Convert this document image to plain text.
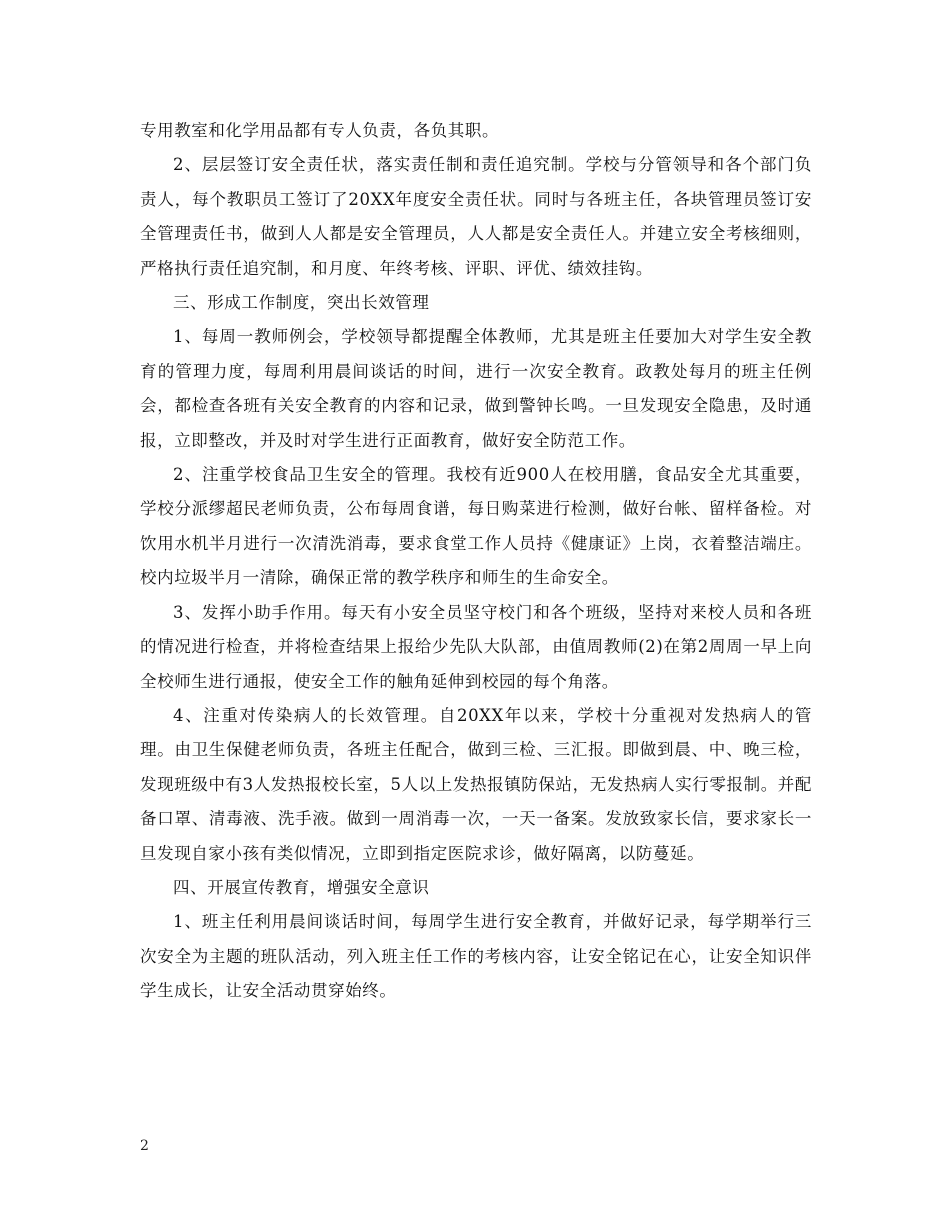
专用教室和化学用品都有专人负责，各负其职。

2、层层签订安全责任状，落实责任制和责任追究制。学校与分管领导和各个部门负责人，每个教职员工签订了20XX年度安全责任状。同时与各班主任，各块管理员签订安全管理责任书，做到人人都是安全管理员，人人都是安全责任人。并建立安全考核细则，严格执行责任追究制，和月度、年终考核、评职、评优、绩效挂钩。

三、形成工作制度，突出长效管理

1、每周一教师例会，学校领导都提醒全体教师，尤其是班主任要加大对学生安全教育的管理力度，每周利用晨间谈话的时间，进行一次安全教育。政教处每月的班主任例会，都检查各班有关安全教育的内容和记录，做到警钟长鸣。一旦发现安全隐患，及时通报，立即整改，并及时对学生进行正面教育，做好安全防范工作。

2、注重学校食品卫生安全的管理。我校有近900人在校用膳，食品安全尤其重要，学校分派缪超民老师负责，公布每周食谱，每日购菜进行检测，做好台帐、留样备检。对饮用水机半月进行一次清洗消毒，要求食堂工作人员持《健康证》上岗，衣着整洁端庄。校内垃圾半月一清除，确保正常的教学秩序和师生的生命安全。

3、发挥小助手作用。每天有小安全员坚守校门和各个班级，坚持对来校人员和各班的情况进行检查，并将检查结果上报给少先队大队部，由值周教师(2)在第2周周一早上向全校师生进行通报，使安全工作的触角延伸到校园的每个角落。

4、注重对传染病人的长效管理。自20XX年以来，学校十分重视对发热病人的管理。由卫生保健老师负责，各班主任配合，做到三检、三汇报。即做到晨、中、晚三检，发现班级中有3人发热报校长室，5人以上发热报镇防保站，无发热病人实行零报制。并配备口罩、清毒液、洗手液。做到一周消毒一次，一天一备案。发放致家长信，要求家长一旦发现自家小孩有类似情况，立即到指定医院求诊，做好隔离，以防蔓延。

四、开展宣传教育，增强安全意识

1、班主任利用晨间谈话时间，每周学生进行安全教育，并做好记录，每学期举行三次安全为主题的班队活动，列入班主任工作的考核内容，让安全铭记在心，让安全知识伴学生成长，让安全活动贯穿始终。

2
